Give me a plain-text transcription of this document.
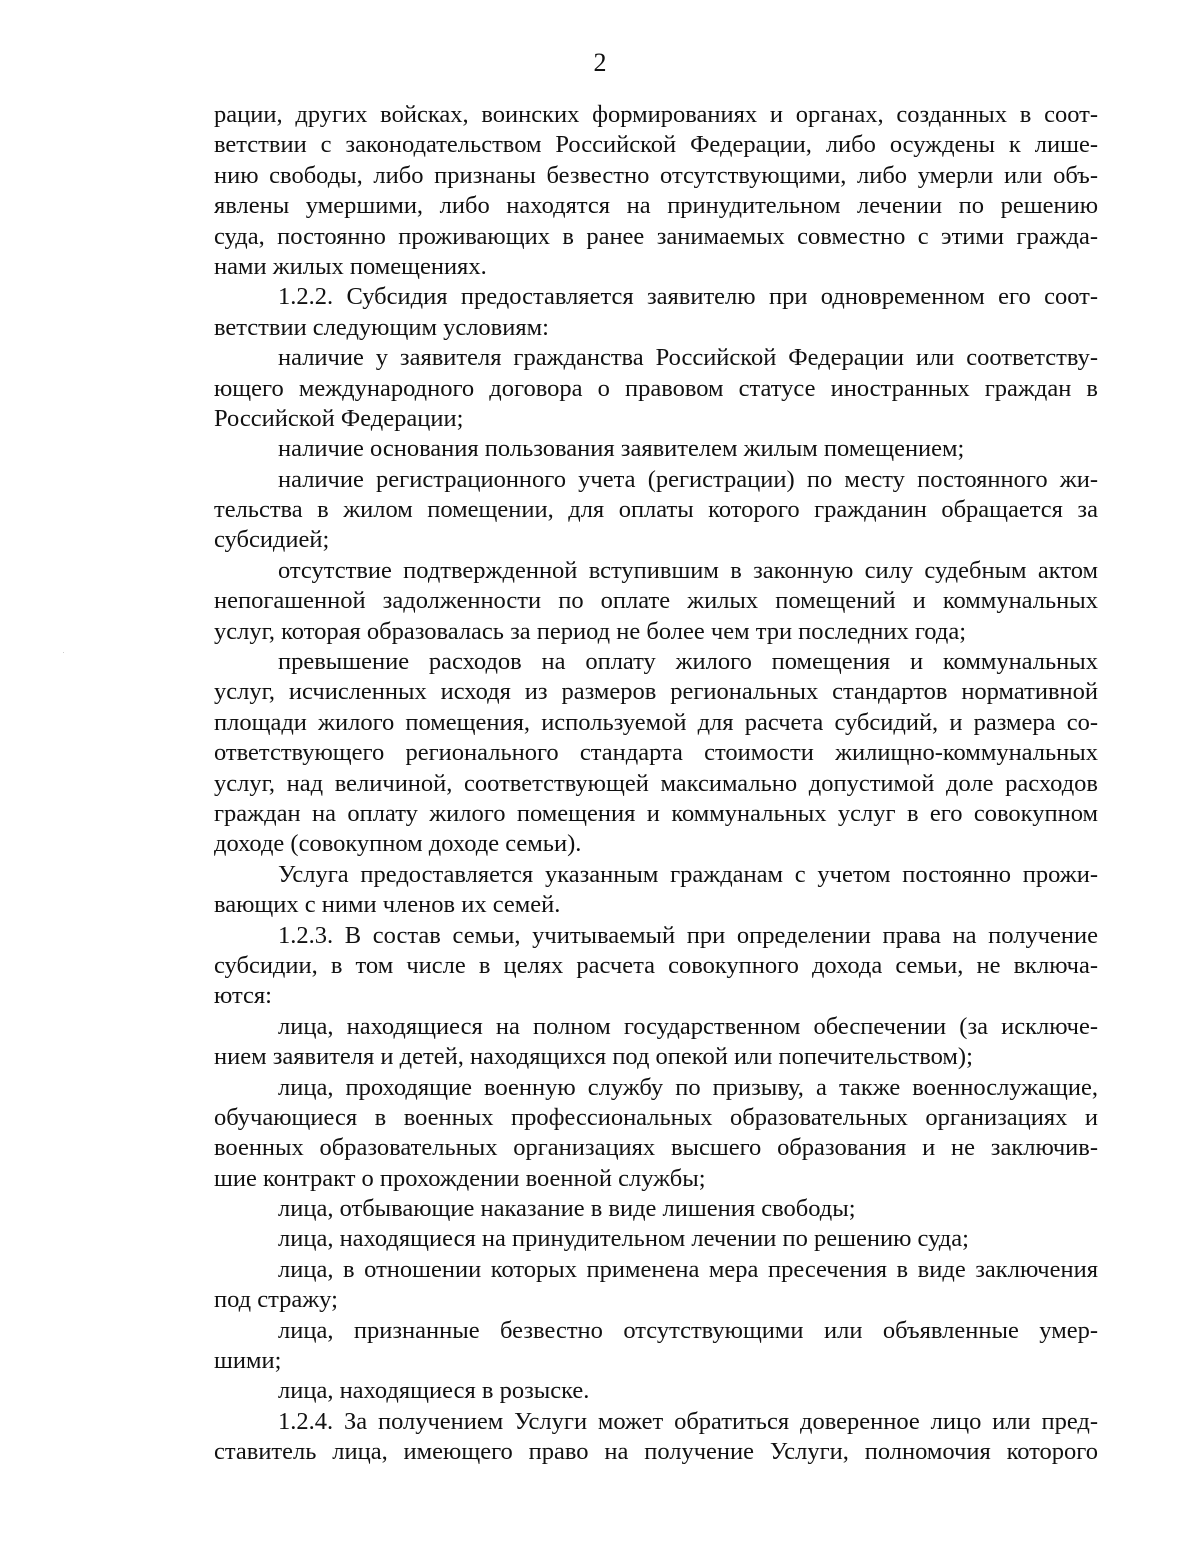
2
рации, других войсках, воинских формированиях и органах, созданных в соот-
ветствии с законодательством Российской Федерации, либо осуждены к лише-
нию свободы, либо признаны безвестно отсутствующими, либо умерли или объ-
явлены умершими, либо находятся на принудительном лечении по решению
суда, постоянно проживающих в ранее занимаемых совместно с этими гражда-
нами жилых помещениях.
1.2.2. Субсидия предоставляется заявителю при одновременном его соот-
ветствии следующим условиям:
наличие у заявителя гражданства Российской Федерации или соответству-
ющего международного договора о правовом статусе иностранных граждан в
Российской Федерации;
наличие основания пользования заявителем жилым помещением;
наличие регистрационного учета (регистрации) по месту постоянного жи-
тельства в жилом помещении, для оплаты которого гражданин обращается за
субсидией;
отсутствие подтвержденной вступившим в законную силу судебным актом
непогашенной задолженности по оплате жилых помещений и коммунальных
услуг, которая образовалась за период не более чем три последних года;
превышение расходов на оплату жилого помещения и коммунальных
услуг, исчисленных исходя из размеров региональных стандартов нормативной
площади жилого помещения, используемой для расчета субсидий, и размера со-
ответствующего регионального стандарта стоимости жилищно-коммунальных
услуг, над величиной, соответствующей максимально допустимой доле расходов
граждан на оплату жилого помещения и коммунальных услуг в его совокупном
доходе (совокупном доходе семьи).
Услуга предоставляется указанным гражданам с учетом постоянно прожи-
вающих с ними членов их семей.
1.2.3. В состав семьи, учитываемый при определении права на получение
субсидии, в том числе в целях расчета совокупного дохода семьи, не включа-
ются:
лица, находящиеся на полном государственном обеспечении (за исключе-
нием заявителя и детей, находящихся под опекой или попечительством);
лица, проходящие военную службу по призыву, а также военнослужащие,
обучающиеся в военных профессиональных образовательных организациях и
военных образовательных организациях высшего образования и не заключив-
шие контракт о прохождении военной службы;
лица, отбывающие наказание в виде лишения свободы;
лица, находящиеся на принудительном лечении по решению суда;
лица, в отношении которых применена мера пресечения в виде заключения
под стражу;
лица, признанные безвестно отсутствующими или объявленные умер-
шими;
лица, находящиеся в розыске.
1.2.4. За получением Услуги может обратиться доверенное лицо или пред-
ставитель лица, имеющего право на получение Услуги, полномочия которого
